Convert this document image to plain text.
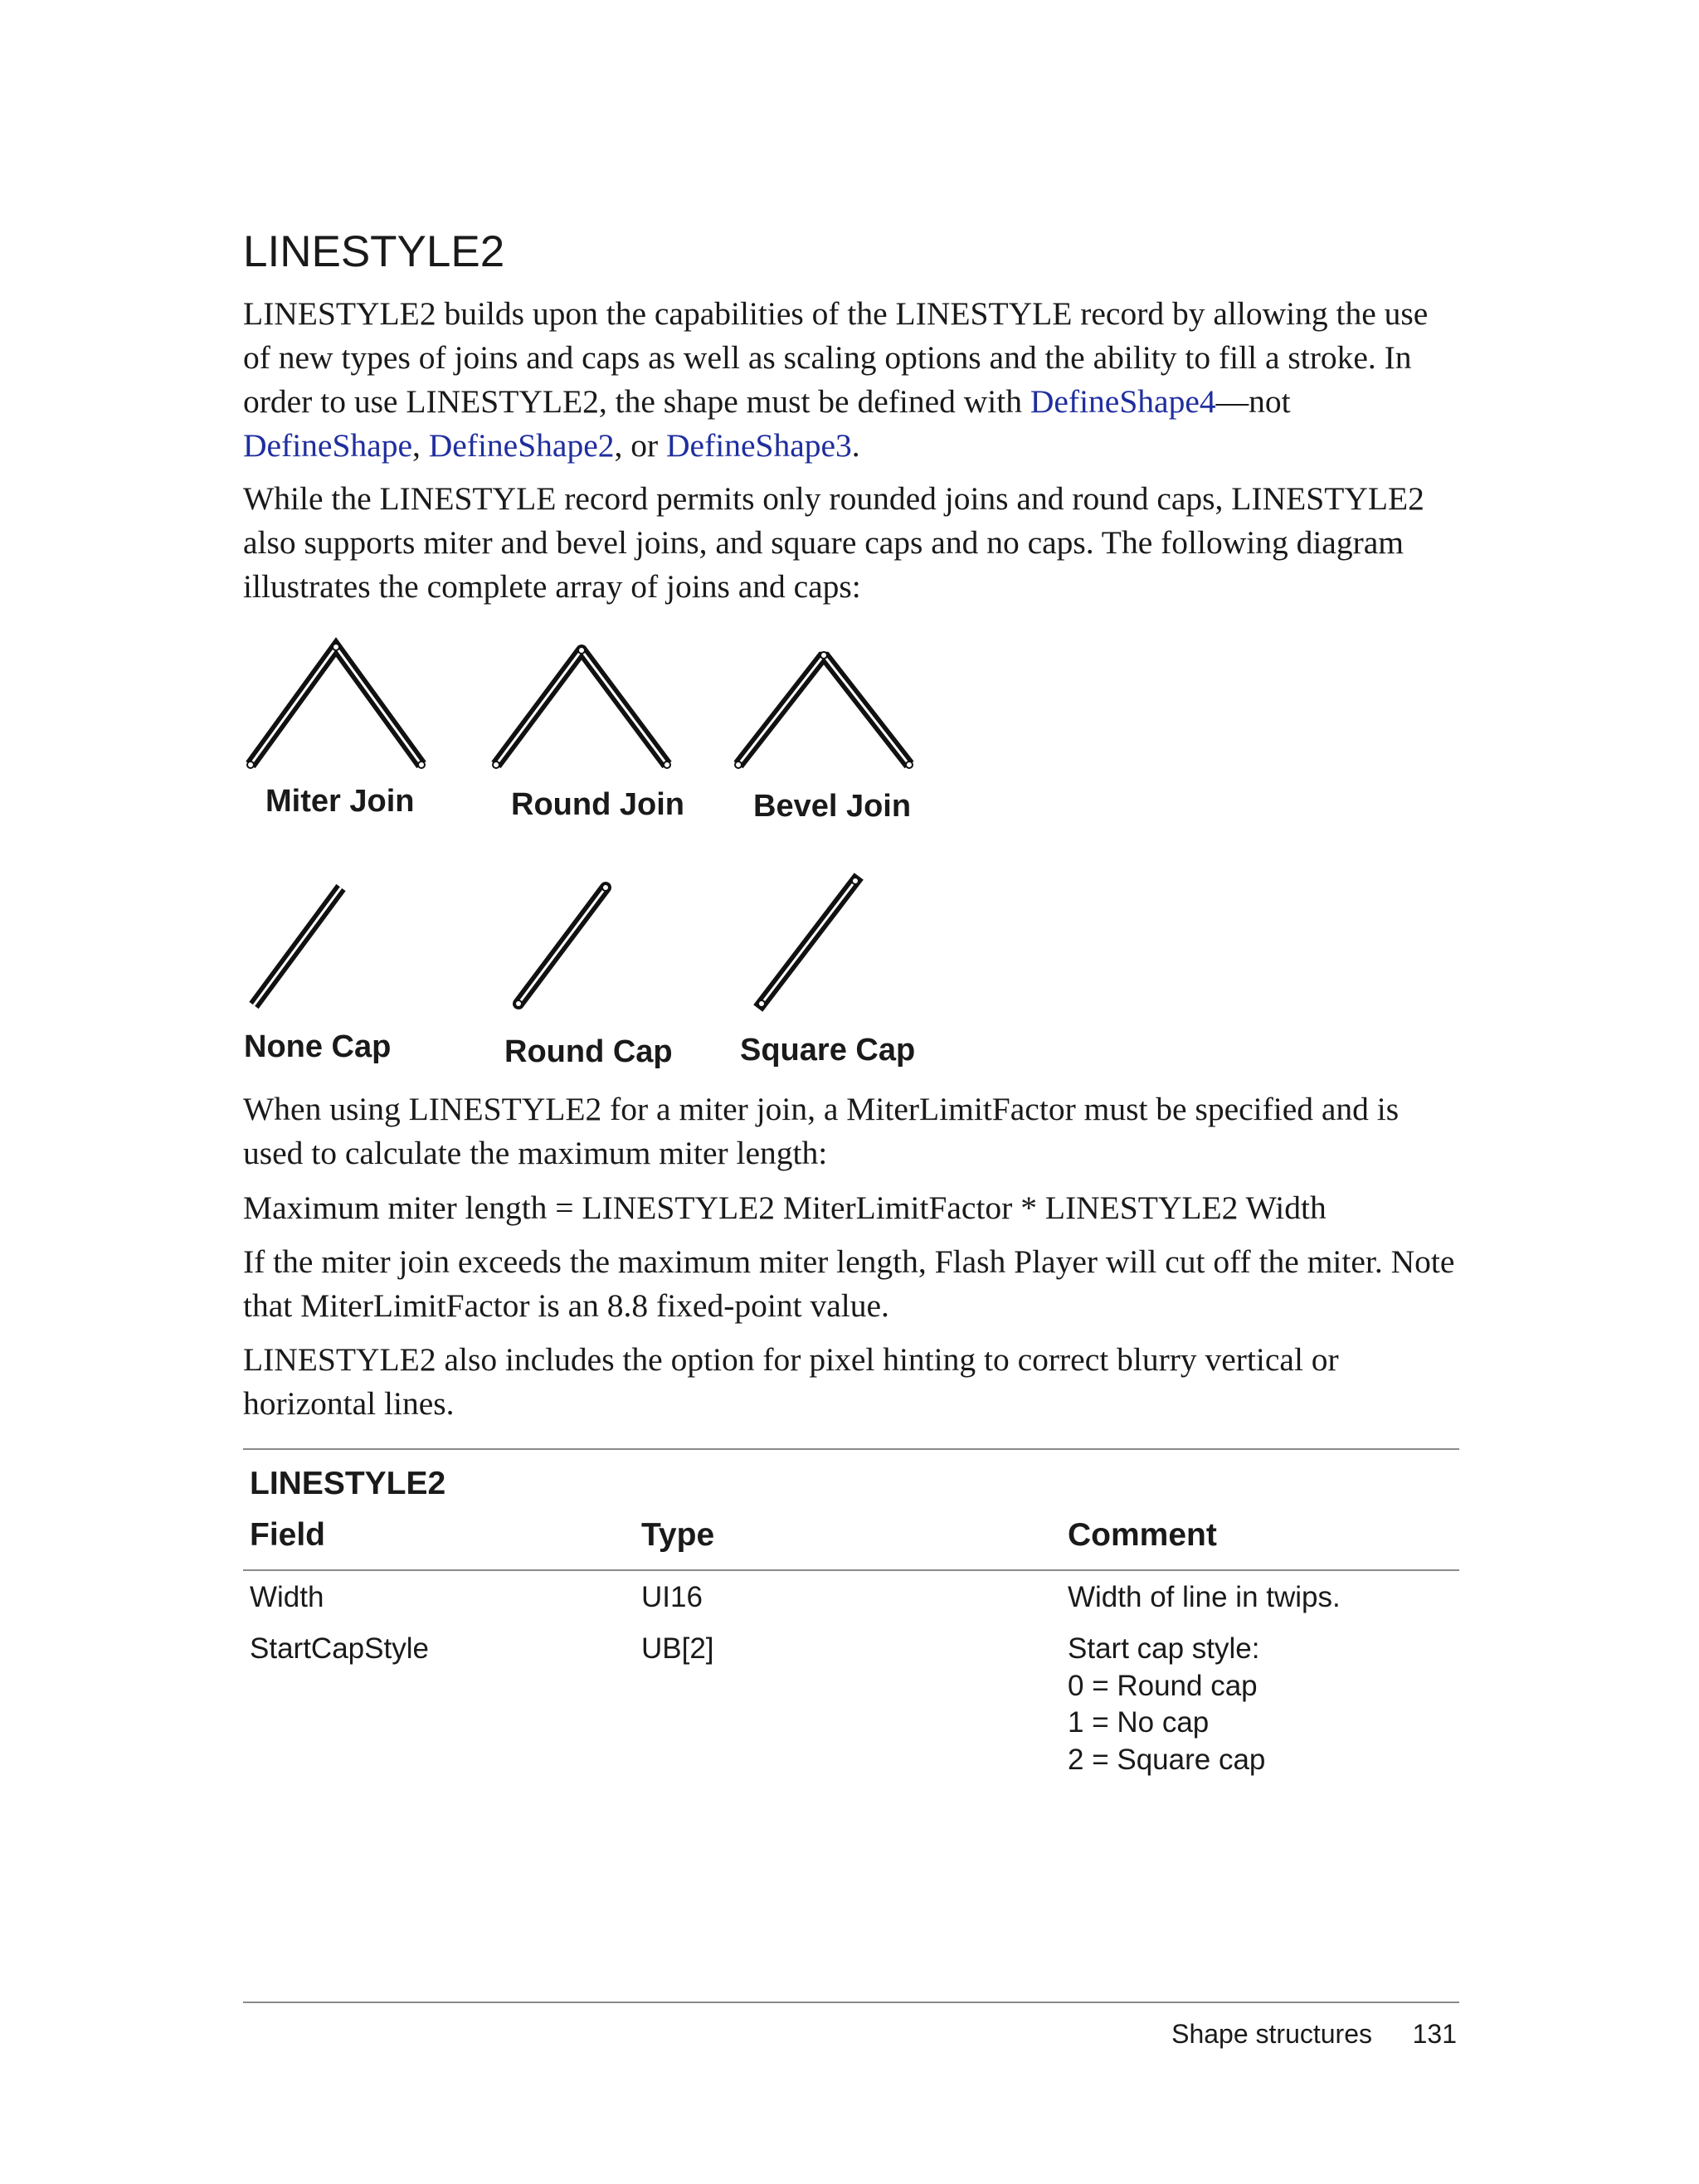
LINESTYLE2

LINESTYLE2 builds upon the capabilities of the LINESTYLE record by allowing the use of new types of joins and caps as well as scaling options and the ability to fill a stroke. In order to use LINESTYLE2, the shape must be defined with DefineShape4—not DefineShape, DefineShape2, or DefineShape3.

While the LINESTYLE record permits only rounded joins and round caps, LINESTYLE2 also supports miter and bevel joins, and square caps and no caps. The following diagram illustrates the complete array of joins and caps:

Miter Join	Round Join Bevel Join
None Cap	Round Cap Square Cap

When using LINESTYLE2 for a miter join, a MiterLimitFactor must be specified and is used to calculate the maximum miter length:

Maximum miter length = LINESTYLE2 MiterLimitFactor * LINESTYLE2 Width

If the miter join exceeds the maximum miter length, Flash Player will cut off the miter. Note that MiterLimitFactor is an 8.8 fixed-point value.

LINESTYLE2 also includes the option for pixel hinting to correct blurry vertical or horizontal lines.

LINESTYLE2
Field	Type	Comment
Width	UI16	Width of line in twips.
StartCapStyle	UB[2]	Start cap style:
0 = Round cap
1 = No cap
2 = Square cap
Shape structures 131
